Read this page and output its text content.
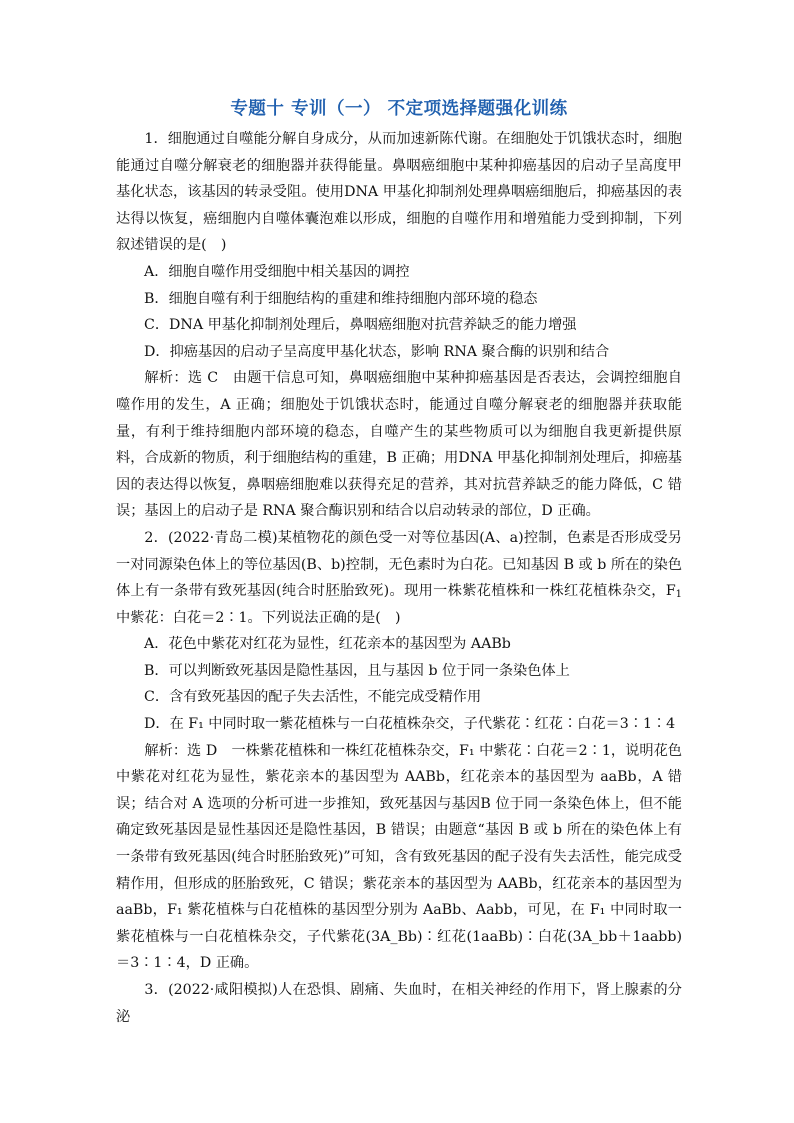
专题十 专训（一） 不定项选择题强化训练

1．细胞通过自噬能分解自身成分，从而加速新陈代谢。在细胞处于饥饿状态时，细胞能通过自噬分解衰老的细胞器并获得能量。鼻咽癌细胞中某种抑癌基因的启动子呈高度甲基化状态，该基因的转录受阻。使用DNA 甲基化抑制剂处理鼻咽癌细胞后，抑癌基因的表达得以恢复，癌细胞内自噬体囊泡难以形成，细胞的自噬作用和增殖能力受到抑制，下列叙述错误的是(　)

A．细胞自噬作用受细胞中相关基因的调控

B．细胞自噬有利于细胞结构的重建和维持细胞内部环境的稳态

C．DNA 甲基化抑制剂处理后，鼻咽癌细胞对抗营养缺乏的能力增强

D．抑癌基因的启动子呈高度甲基化状态，影响 RNA 聚合酶的识别和结合

解析：选 C　由题干信息可知，鼻咽癌细胞中某种抑癌基因是否表达，会调控细胞自噬作用的发生，A 正确；细胞处于饥饿状态时，能通过自噬分解衰老的细胞器并获取能量，有利于维持细胞内部环境的稳态，自噬产生的某些物质可以为细胞自我更新提供原料，合成新的物质，利于细胞结构的重建，B 正确；用DNA 甲基化抑制剂处理后，抑癌基因的表达得以恢复，鼻咽癌细胞难以获得充足的营养，其对抗营养缺乏的能力降低，C 错误；基因上的启动子是 RNA 聚合酶识别和结合以启动转录的部位，D 正确。

2．(2022·青岛二模)某植物花的颜色受一对等位基因(A、a)控制，色素是否形成受另一对同源染色体上的等位基因(B、b)控制，无色素时为白花。已知基因 B 或 b 所在的染色体上有一条带有致死基因(纯合时胚胎致死)。现用一株紫花植株和一株红花植株杂交，$F_1$中紫花：白花＝2∶1。下列说法正确的是(　)

A．花色中紫花对红花为显性，红花亲本的基因型为 AABb

B．可以判断致死基因是隐性基因，且与基因 b 位于同一条染色体上

C．含有致死基因的配子失去活性，不能完成受精作用

D．在 F₁ 中同时取一紫花植株与一白花植株杂交，子代紫花∶红花∶白花＝3∶1∶4

解析：选 D　一株紫花植株和一株红花植株杂交，F₁ 中紫花∶白花＝2∶1，说明花色中紫花对红花为显性，紫花亲本的基因型为 AABb，红花亲本的基因型为 aaBb，A 错误；结合对 A 选项的分析可进一步推知，致死基因与基因B 位于同一条染色体上，但不能确定致死基因是显性基因还是隐性基因，B 错误；由题意“基因 B 或 b 所在的染色体上有一条带有致死基因(纯合时胚胎致死)”可知，含有致死基因的配子没有失去活性，能完成受精作用，但形成的胚胎致死，C 错误；紫花亲本的基因型为 AABb，红花亲本的基因型为 aaBb，F₁ 紫花植株与白花植株的基因型分别为 AaBb、Aabb，可见，在 F₁ 中同时取一紫花植株与一白花植株杂交，子代紫花(3A_Bb)∶红花(1aaBb)∶白花(3A_bb＋1aabb)＝3∶1∶4，D 正确。

3．(2022·咸阳模拟)人在恐惧、剧痛、失血时，在相关神经的作用下，肾上腺素的分泌
